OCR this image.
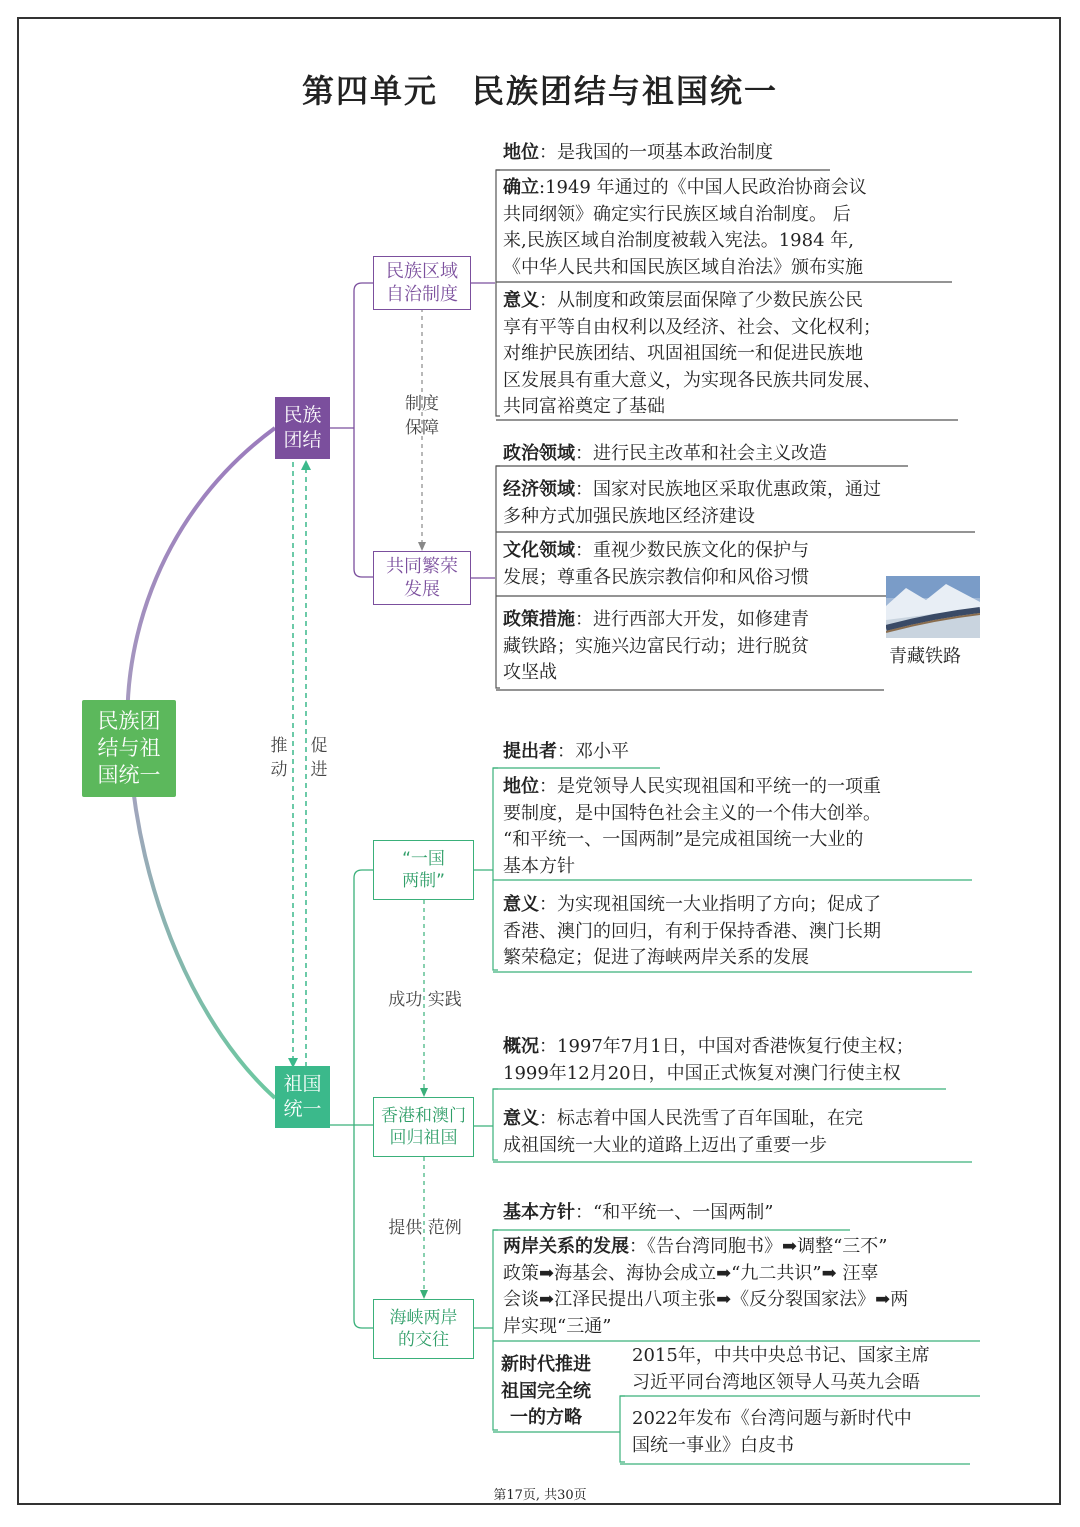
第四单元　民族团结与祖国统一
民族团
结与祖
国统一
民族
团结
祖国
统一
推
动
促
进
民族区域
自治制度
制度
保障
共同繁荣
发展
“一国
两制”
成功 实践
香港和澳门
回归祖国
提供 范例
海峡两岸
的交往
地位：是我国的一项基本政治制度
确立:1949 年通过的《中国人民政治协商会议
共同纲领》确定实行民族区域自治制度。 后
来,民族区域自治制度被载入宪法。1984 年,
《中华人民共和国民族区域自治法》颁布实施
意义：从制度和政策层面保障了少数民族公民
享有平等自由权利以及经济、社会、文化权利；
对维护民族团结、巩固祖国统一和促进民族地
区发展具有重大意义，为实现各民族共同发展、
共同富裕奠定了基础
政治领域：进行民主改革和社会主义改造
经济领域：国家对民族地区采取优惠政策，通过
多种方式加强民族地区经济建设
文化领域：重视少数民族文化的保护与
发展；尊重各民族宗教信仰和风俗习惯
政策措施：进行西部大开发，如修建青
藏铁路；实施兴边富民行动；进行脱贫
攻坚战
青藏铁路
提出者：邓小平
地位：是党领导人民实现祖国和平统一的一项重
要制度，是中国特色社会主义的一个伟大创举。
“和平统一、一国两制”是完成祖国统一大业的
基本方针
意义：为实现祖国统一大业指明了方向；促成了
香港、澳门的回归，有利于保持香港、澳门长期
繁荣稳定；促进了海峡两岸关系的发展
概况：1997年7月1日，中国对香港恢复行使主权；
1999年12月20日，中国正式恢复对澳门行使主权
意义：标志着中国人民洗雪了百年国耻，在完
成祖国统一大业的道路上迈出了重要一步
基本方针：“和平统一、一国两制”
两岸关系的发展：《告台湾同胞书》➡调整“三不”
政策➡海基会、海协会成立➡“九二共识”➡ 汪辜
会谈➡江泽民提出八项主张➡《反分裂国家法》➡两
岸实现“三通”
新时代推进
祖国完全统
一的方略
2015年，中共中央总书记、国家主席
习近平同台湾地区领导人马英九会晤
2022年发布《台湾问题与新时代中
国统一事业》白皮书
第17页, 共30页
